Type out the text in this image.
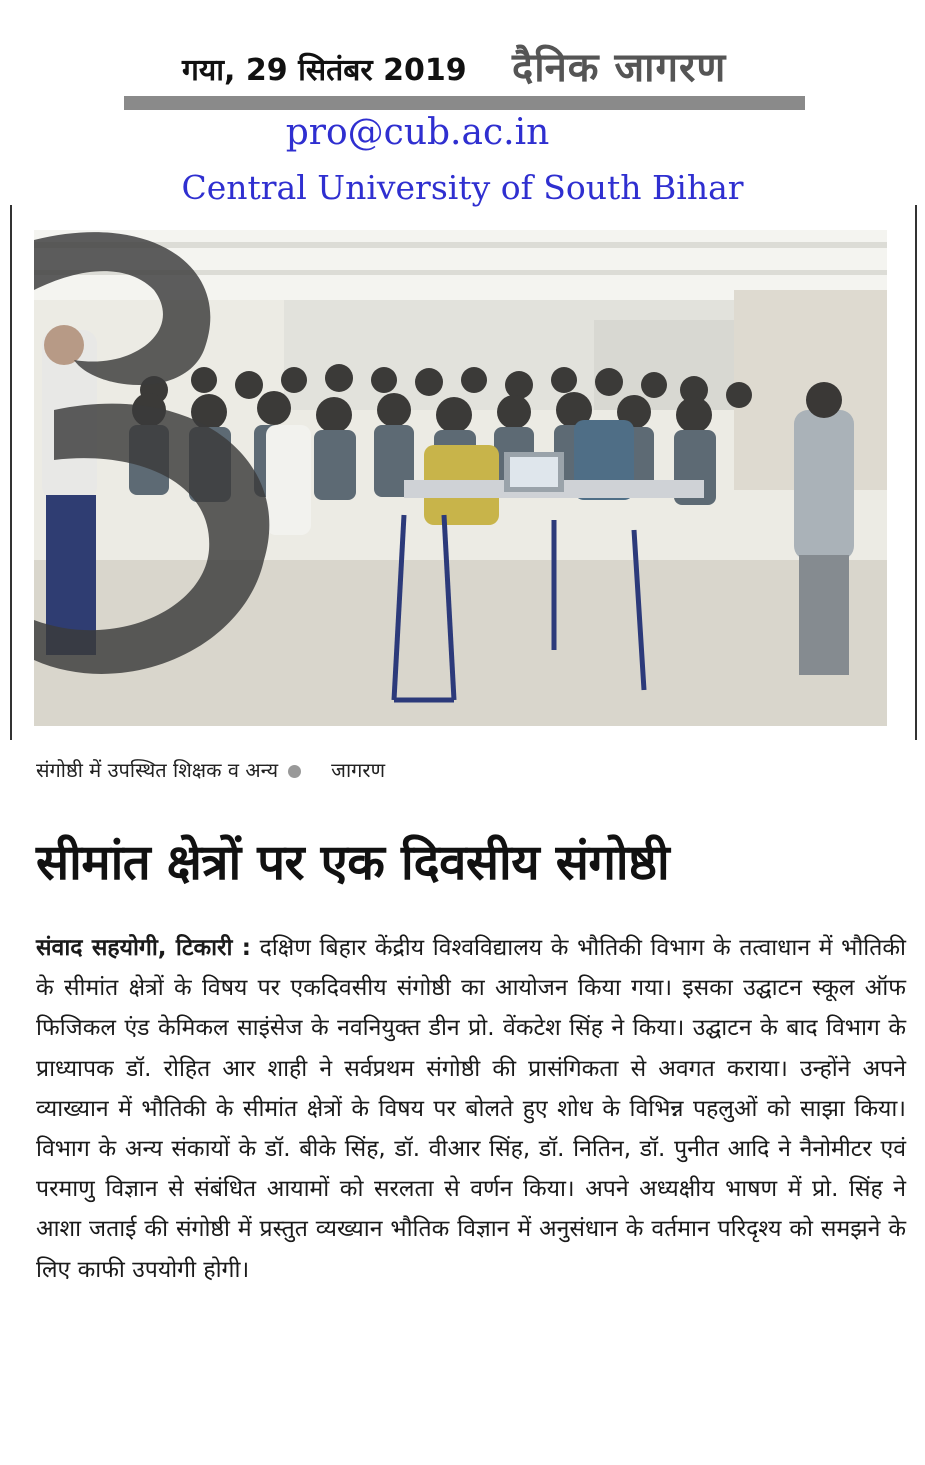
गया, 29 सितंबर 2019 दैनिक जागरण
pro@cub.ac.in
Central University of South Bihar
संगोष्ठी में उपस्थित शिक्षक व अन्य	जागरण
सीमांत क्षेत्रों पर एक दिवसीय संगोष्ठी
संवाद सहयोगी, टिकारी : दक्षिण बिहार केंद्रीय विश्वविद्यालय के भौतिकी विभाग के तत्वाधान में भौतिकी के सीमांत क्षेत्रों के विषय पर एकदिवसीय संगोष्ठी का आयोजन किया गया। इसका उद्घाटन स्कूल ऑफ फिजिकल एंड केमिकल साइंसेज के नवनियुक्त डीन प्रो. वेंकटेश सिंह ने किया। उद्घाटन के बाद विभाग के प्राध्यापक डॉ. रोहित आर शाही ने सर्वप्रथम संगोष्ठी की प्रासंगिकता से अवगत कराया। उन्होंने अपने व्याख्यान में भौतिकी के सीमांत क्षेत्रों के विषय पर बोलते हुए शोध के विभिन्न पहलुओं को साझा किया। विभाग के अन्य संकायों के डॉ. बीके सिंह, डॉ. वीआर सिंह, डॉ. नितिन, डॉ. पुनीत आदि ने नैनोमीटर एवं परमाणु विज्ञान से संबंधित आयामों को सरलता से वर्णन किया। अपने अध्यक्षीय भाषण में प्रो. सिंह ने आशा जताई की संगोष्ठी में प्रस्तुत व्यख्यान भौतिक विज्ञान में अनुसंधान के वर्तमान परिदृश्य को समझने के लिए काफी उपयोगी होगी।
